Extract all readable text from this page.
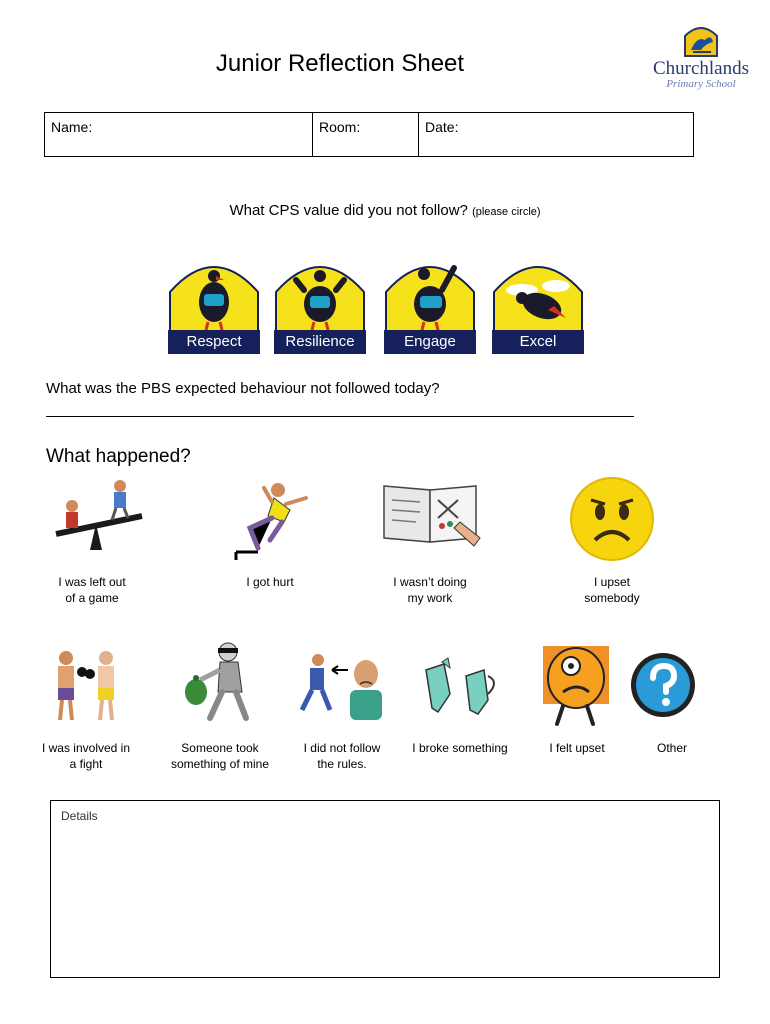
Junior Reflection Sheet	Churchlands
Primary School
Name:	Room:	Date:
What CPS value did you not follow? (please circle)
Respect	Resilience	Engage	Excel
What was the PBS expected behaviour not followed today?
What happened?
I was left out
of a game
I got hurt	I wasn’t doing
my work
I upset
somebody
I was involved in
a fight
Someone took
something of mine
I did not follow
the rules.
I broke something	I felt upset	Other
Details
